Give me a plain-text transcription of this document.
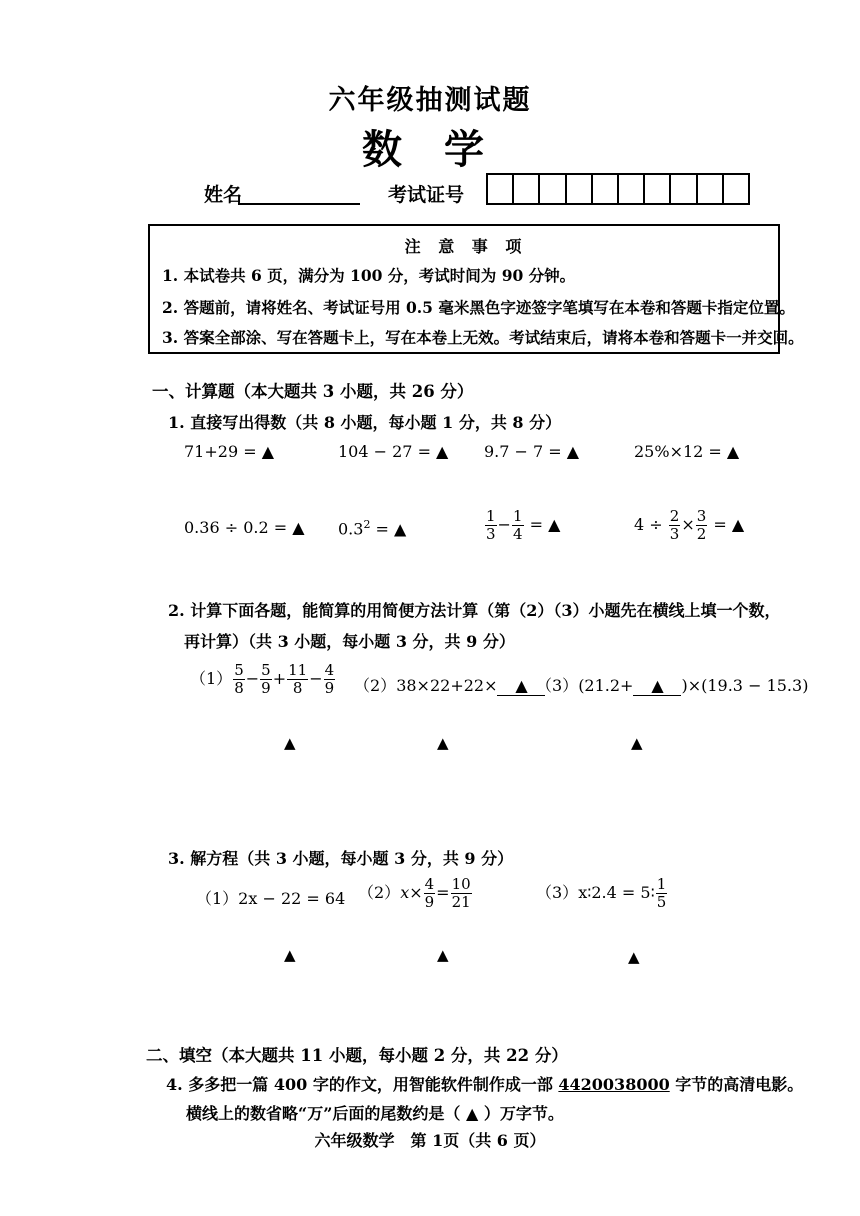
六年级抽测试题
数 学
姓名	考试证号
注 意 事 项
1. 本试卷共 6 页，满分为 100 分，考试时间为 90 分钟。
2. 答题前，请将姓名、考试证号用 0.5 毫米黑色字迹签字笔填写在本卷和答题卡指定位置。
3. 答案全部涂、写在答题卡上，写在本卷上无效。考试结束后，请将本卷和答题卡一并交回。
一、计算题（本大题共 3 小题，共 26 分）
1. 直接写出得数（共 8 小题，每小题 1 分，共 8 分）
71+29 = ▲	104 − 27 = ▲ 9.7 − 7 = ▲	25%×12 = ▲
0.36 ÷ 0.2 = ▲ $0.3^2$ = ▲	$\frac{1}{3} - \frac{1}{4}$ = ▲	$4 \div \frac{2}{3} \times \frac{3}{2}$ = ▲
2. 计算下面各题，能简算的用简便方法计算（第（2）（3）小题先在横线上填一个数，
再计算）（共 3 小题，每小题 3 分，共 9 分）
$(1) \frac{5}{8} - \frac{5}{9} + \frac{11}{8} - \frac{4}{9} (2)38\times 22+22\times$ ▲ （3）(21.2+ ▲ )×(19.3 − 15.3)
▲	▲	▲
3. 解方程（共 3 小题，每小题 3 分，共 9 分）
（1）2x − 22 = 64 $(2)x\times \frac{4}{9} = \frac{10}{21}$	（3）x∶2.4 = 5∶ $\frac{1}{5}$
▲	▲	▲
二、填空（本大题共 11 小题，每小题 2 分，共 22 分）
4. 多多把一篇 400 字的作文，用智能软件制作成一部 4420038000 字节的高清电影。
横线上的数省略“万”后面的尾数约是（ ▲ ）万字节。
六年级数学　第 1页（共 6 页）
